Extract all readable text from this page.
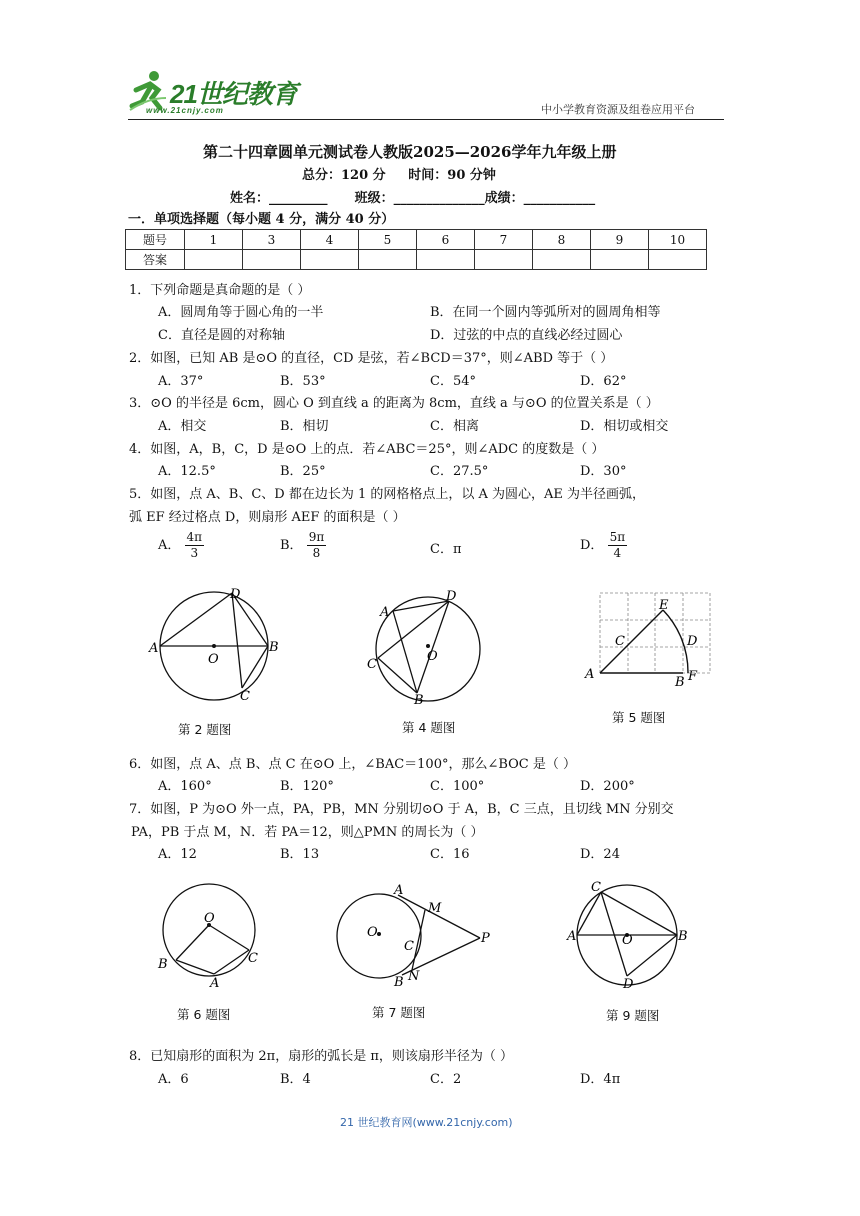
21世纪教育
www.21cnjy.com	中小学教育资源及组卷应用平台
第二十四章圆单元测试卷人教版2025—2026学年九年级上册
总分：120 分     时间：90 分钟
姓名：_________      班级：______________成绩：___________
一．单项选择题（每小题 4 分，满分 40 分）
题号	1	3	4	5	6	7	8	9	10
答案									
1．下列命题是真命题的是（ ）
A．圆周角等于圆心角的一半	B．在同一个圆内等弧所对的圆周角相等
C．直径是圆的对称轴	D．过弦的中点的直线必经过圆心
2．如图，已知 AB 是⊙O 的直径，CD 是弦，若∠BCD＝37°，则∠ABD 等于（ ）
A．37°	B．53°	C．54°	D．62°
3．⊙O 的半径是 6cm，圆心 O 到直线 a 的距离为 8cm，直线 a 与⊙O 的位置关系是（ ）
A．相交	B．相切	C．相离	D．相切或相交
4．如图，A，B，C，D 是⊙O 上的点．若∠ABC＝25°，则∠ADC 的度数是（ ）
A．12.5°	B．25°	C．27.5°	D．30°
5．如图，点 A、B、C、D 都在边长为 1 的网格格点上，以 A 为圆心，AE 为半径画弧，
弧 EF 经过格点 D，则扇形 AEF 的面积是（ ）
A． $\frac{4\pi}{3}$	B． $\frac{9\pi}{8}$	C．π	D． $\frac{5\pi}{4}$
A	B
O
D
C
第 2 题图
A
D
O
C
B
第 4 题图
E
C	D
A
B F
第 5 题图
6．如图，点 A、点 B、点 C 在⊙O 上，∠BAC＝100°，那么∠BOC 是（ ）
A．160°	B．120°	C．100°	D．200°
7．如图，P 为⊙O 外一点，PA，PB，MN 分别切⊙O 于 A，B，C 三点，且切线 MN 分别交
PA，PB 于点 M，N．若 PA＝12，则△PMN 的周长为（ ）
A．12	B．13	C．16	D．24
O
B	C
A
第 6 题图
A
M
O
C
P
B N
第 7 题图
C
A	O	B
D
第 9 题图
8．已知扇形的面积为 2π，扇形的弧长是 π，则该扇形半径为（ ）
A．6	B．4	C．2	D．4π
21 世纪教育网(www.21cnjy.com)
